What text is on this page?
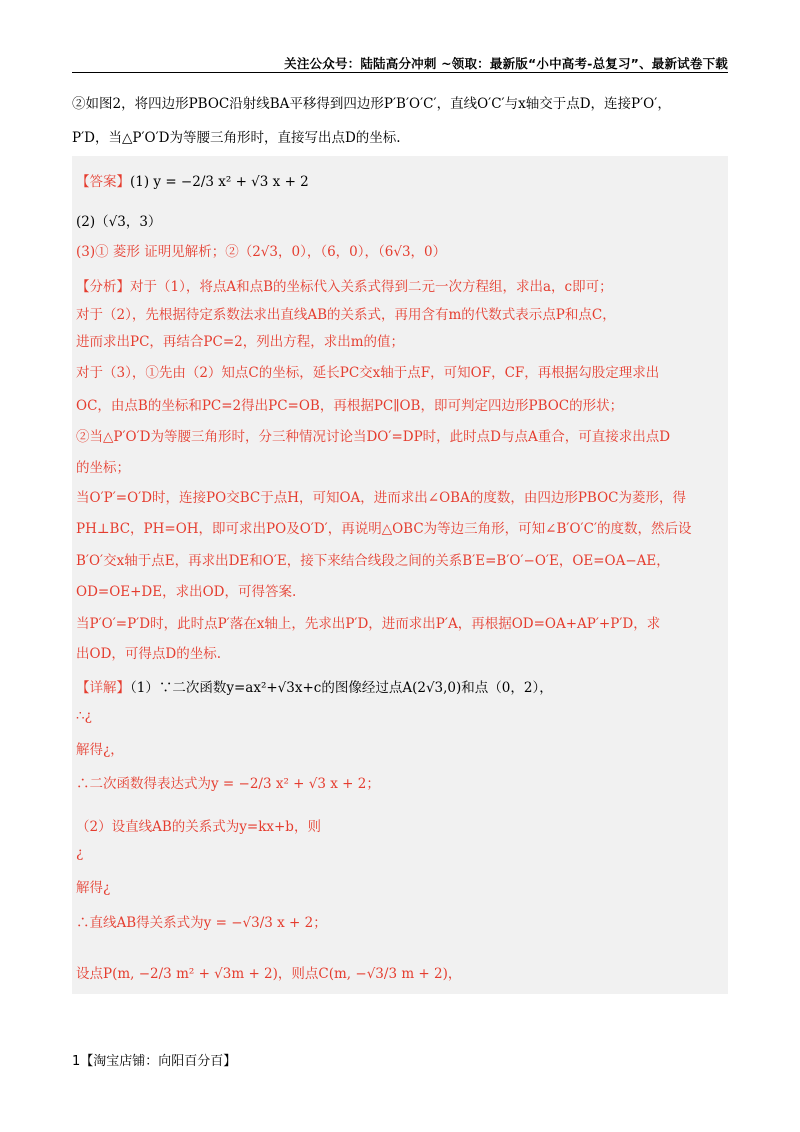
关注公众号：陆陆高分冲刺 ~领取：最新版“小中高考-总复习”、最新试卷下载
②如图2，将四边形PBOC沿射线BA平移得到四边形P′B′O′C′，直线O′C′与x轴交于点D，连接P′O′，
P′D，当△P′O′D为等腰三角形时，直接写出点D的坐标.
【答案】(1) y = −2/3 x² + √3 x + 2
(2)（√3，3）
(3)① 菱形 证明见解析；②（2√3，0），（6，0），（6√3，0）
【分析】对于（1），将点A和点B的坐标代入关系式得到二元一次方程组，求出a，c即可；
对于（2），先根据待定系数法求出直线AB的关系式，再用含有m的代数式表示点P和点C，
进而求出PC，再结合PC=2，列出方程，求出m的值；
对于（3），①先由（2）知点C的坐标，延长PC交x轴于点F，可知OF，CF，再根据勾股定理求出
OC，由点B的坐标和PC=2得出PC=OB，再根据PC∥OB，即可判定四边形PBOC的形状；
②当△P′O′D为等腰三角形时，分三种情况讨论当DO′=DP时，此时点D与点A重合，可直接求出点D
的坐标；
当O′P′=O′D时，连接PO交BC于点H，可知OA，进而求出∠OBA的度数，由四边形PBOC为菱形，得
PH⊥BC，PH=OH，即可求出PO及O′D′，再说明△OBC为等边三角形，可知∠B′O′C′的度数，然后设
B′O′交x轴于点E，再求出DE和O′E，接下来结合线段之间的关系B′E=B′O′−O′E，OE=OA−AE，
OD=OE+DE，求出OD，可得答案.
当P′O′=P′D时，此时点P′落在x轴上，先求出P′D，进而求出P′A，再根据OD=OA+AP′+P′D，求
出OD，可得点D的坐标.
【详解】（1）∵二次函数y=ax²+√3x+c的图像经过点A(2√3,0)和点（0，2），
∴¿
解得¿，
∴二次函数得表达式为y = −2/3 x² + √3 x + 2；
（2）设直线AB的关系式为y=kx+b，则
¿
解得¿
∴直线AB得关系式为y = −√3/3 x + 2；
设点P(m, −2/3 m² + √3m + 2)，则点C(m, −√3/3 m + 2)，
1【淘宝店铺：向阳百分百】
